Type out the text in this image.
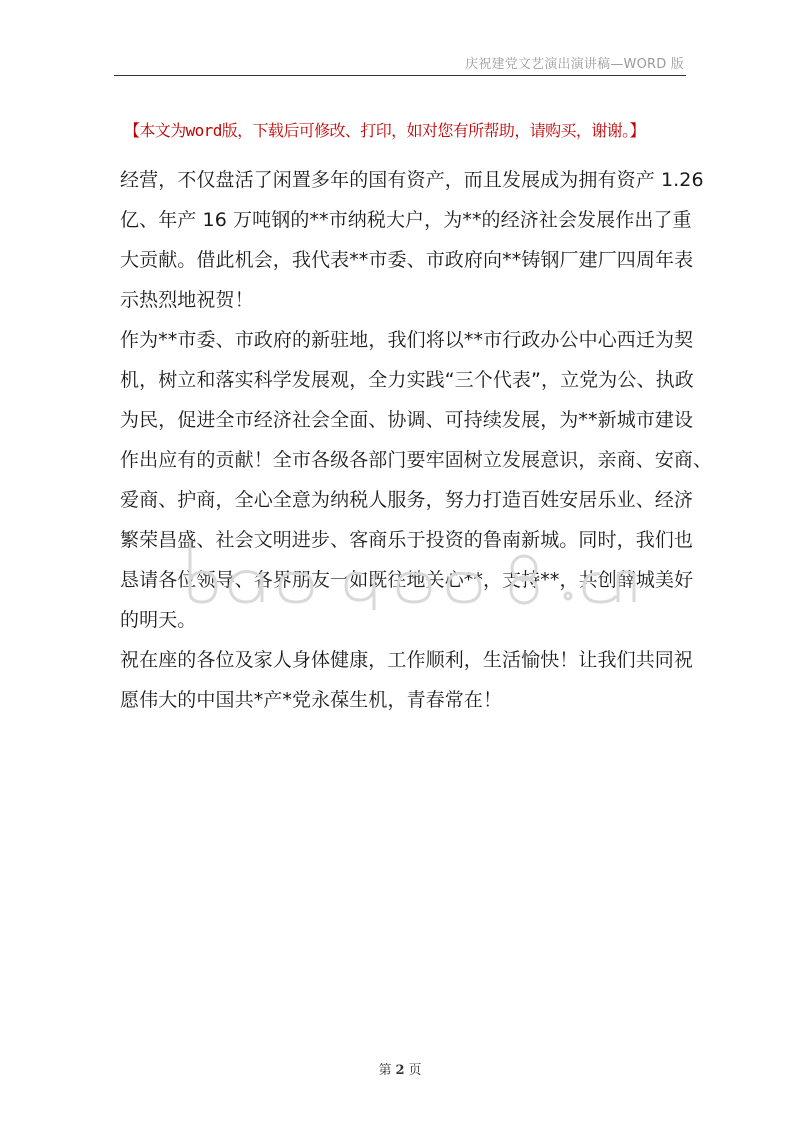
庆祝建党文艺演出演讲稿—WORD 版
【本文为word版，下载后可修改、打印，如对您有所帮助，请购买，谢谢。】

经营，不仅盘活了闲置多年的国有资产，而且发展成为拥有资产 1.26
亿、年产 16 万吨钢的**市纳税大户，为**的经济社会发展作出了重
大贡献。借此机会，我代表**市委、市政府向**铸钢厂建厂四周年表
示热烈地祝贺！

作为**市委、市政府的新驻地，我们将以**市行政办公中心西迁为契
机，树立和落实科学发展观，全力实践“三个代表”，立党为公、执政
为民，促进全市经济社会全面、协调、可持续发展，为**新城市建设
作出应有的贡献！全市各级各部门要牢固树立发展意识，亲商、安商、
爱商、护商，全心全意为纳税人服务，努力打造百姓安居乐业、经济
繁荣昌盛、社会文明进步、客商乐于投资的鲁南新城。同时，我们也
恳请各位领导、各界朋友一如既往地关心**，支持**，共创薛城美好
的明天。

祝在座的各位及家人身体健康，工作顺利，生活愉快！让我们共同祝
愿伟大的中国共*产*党永葆生机，青春常在！

第 2 页
